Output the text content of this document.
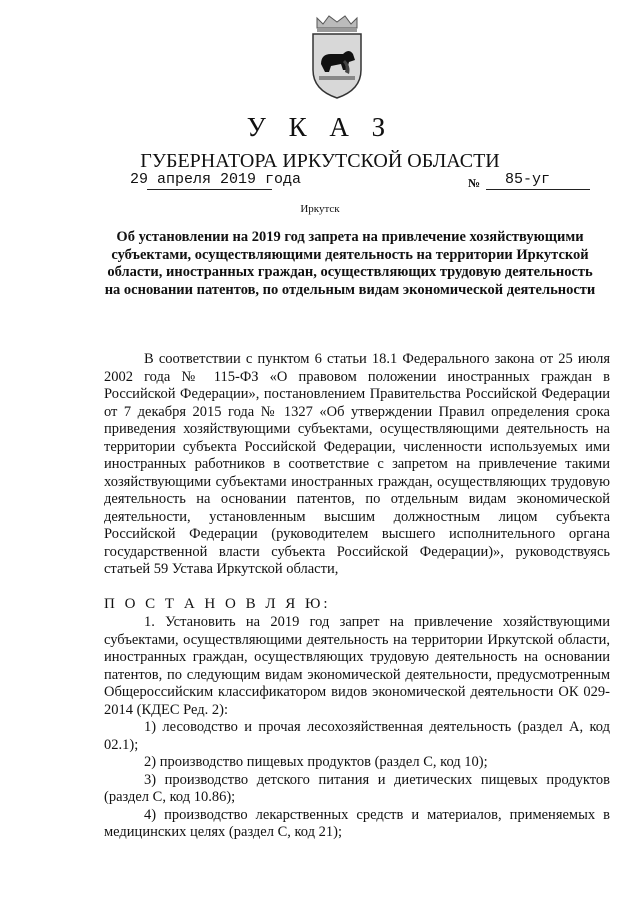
У К А З
ГУБЕРНАТОРА ИРКУТСКОЙ ОБЛАСТИ
29 апреля 2019 года	№ 85-уг
Иркутск
Об установлении на 2019 год запрета на привлечение хозяйствующими субъектами, осуществляющими деятельность на территории Иркутской области, иностранных граждан, осуществляющих трудовую деятельность на основании патентов, по отдельным видам экономической деятельности
В соответствии с пунктом 6 статьи 18.1 Федерального закона от 25 июля 2002 года № 115-ФЗ «О правовом положении иностранных граждан в Российской Федерации», постановлением Правительства Российской Федерации от 7 декабря 2015 года № 1327 «Об утверждении Правил определения срока приведения хозяйствующими субъектами, осуществляющими деятельность на территории субъекта Российской Федерации, численности используемых ими иностранных работников в соответствие с запретом на привлечение такими хозяйствующими субъектами иностранных граждан, осуществляющих трудовую деятельность на основании патентов, по отдельным видам экономической деятельности, установленным высшим должностным лицом субъекта Российской Федерации (руководителем высшего исполнительного органа государственной власти субъекта Российской Федерации)», руководствуясь статьей 59 Устава Иркутской области,
П О С Т А Н О В Л Я Ю:
1. Установить на 2019 год запрет на привлечение хозяйствующими субъектами, осуществляющими деятельность на территории Иркутской области, иностранных граждан, осуществляющих трудовую деятельность на основании патентов, по следующим видам экономической деятельности, предусмотренным Общероссийским классификатором видов экономической деятельности ОК 029-2014 (КДЕС Ред. 2):
1) лесоводство и прочая лесохозяйственная деятельность (раздел А, код 02.1);
2) производство пищевых продуктов (раздел С, код 10);
3) производство детского питания и диетических пищевых продуктов (раздел С, код 10.86);
4) производство лекарственных средств и материалов, применяемых в медицинских целях (раздел С, код 21);
